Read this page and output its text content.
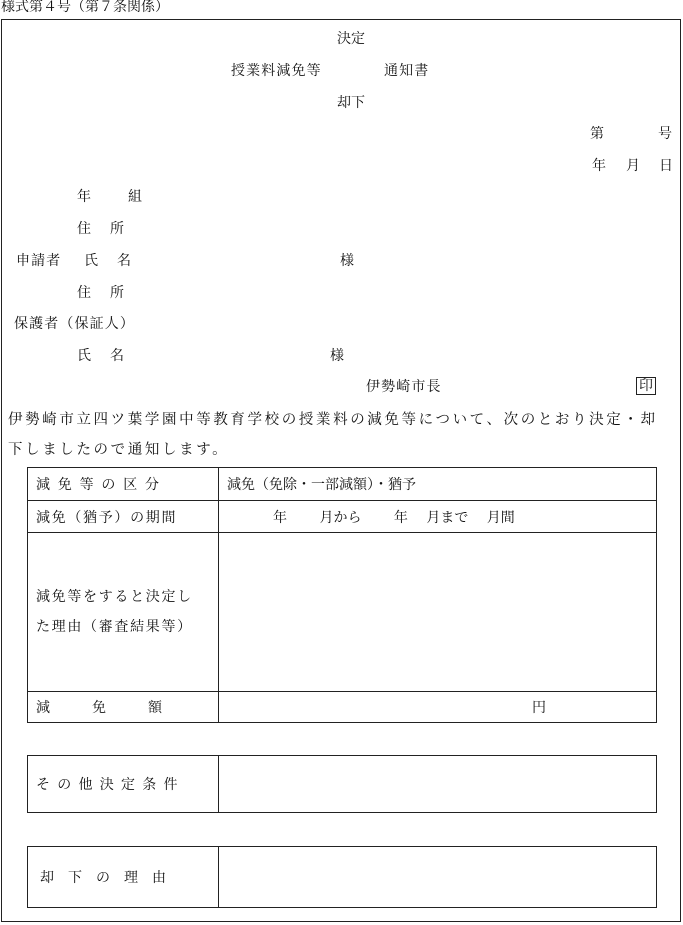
様式第４号（第７条関係）
決定
授業料減免等	通知書
却下
第	号
年 月 日
年	組
住 所
申請者 氏 名	様
住 所
保護者（保証人）
氏 名	様
伊勢崎市長	印
伊勢崎市立四ツ葉学園中等教育学校の授業料の減免等について、次のとおり決定・却下しましたので通知します。
減 免 等 の 区 分	減免（免除・一部減額）・猶予
減免（猶予）の期間	年　　 月から　　 年　 月まで　 月間

減免等をすると決定し
た理由（審査結果等）	

減　　　免　　　額	円
そ の 他 決 定 条 件	
却　下　の　理　由	
